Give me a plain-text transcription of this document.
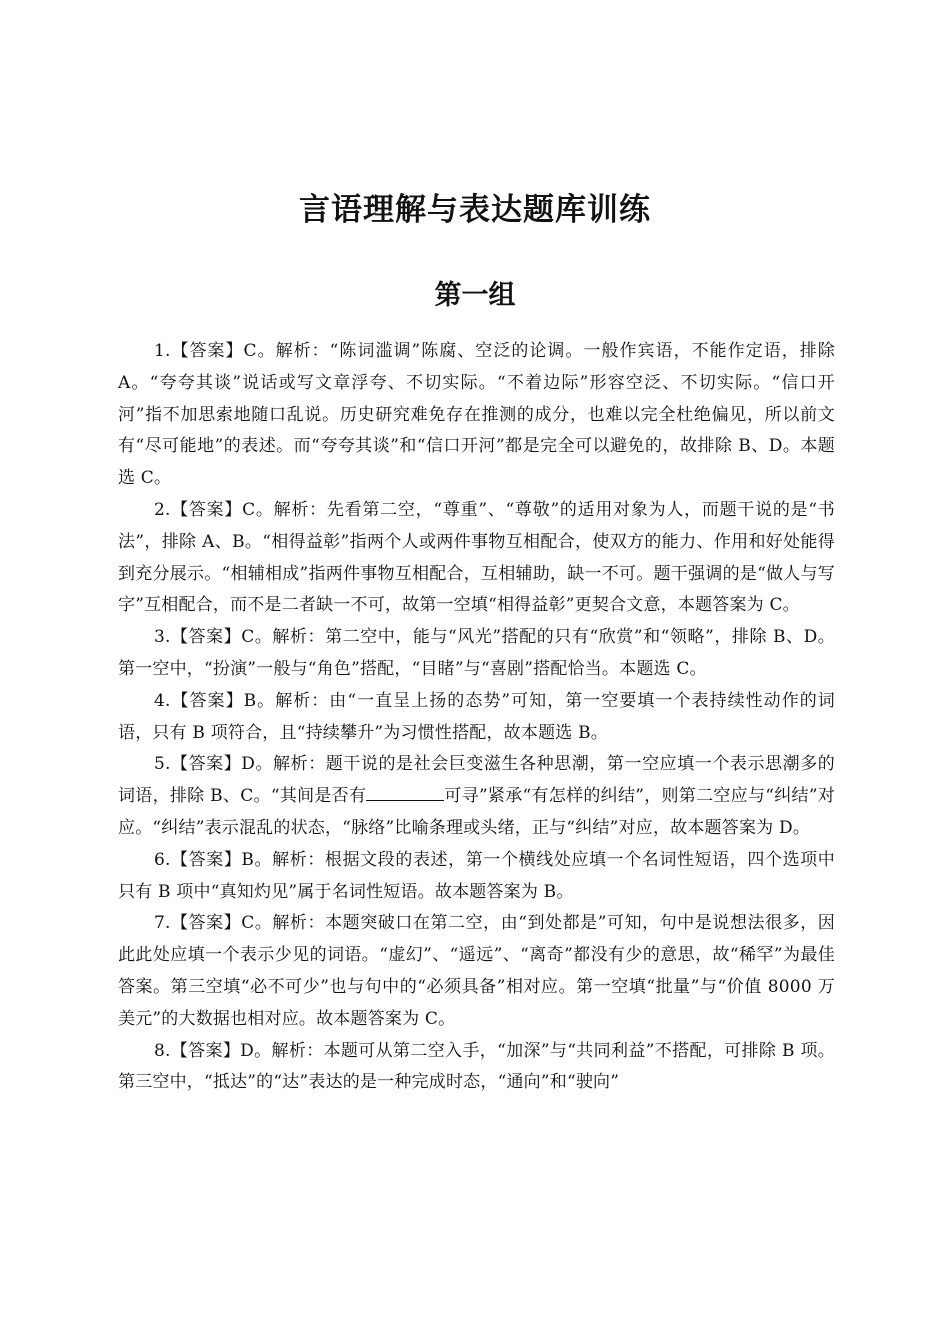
言语理解与表达题库训练
第一组

1.【答案】C。解析：“陈词滥调”陈腐、空泛的论调。一般作宾语，不能作定语，排除 A。“夸夸其谈”说话或写文章浮夸、不切实际。“不着边际”形容空泛、不切实际。“信口开河”指不加思索地随口乱说。历史研究难免存在推测的成分，也难以完全杜绝偏见，所以前文有“尽可能地”的表述。而“夸夸其谈”和“信口开河”都是完全可以避免的，故排除 B、D。本题选 C。

2.【答案】C。解析：先看第二空，“尊重”、“尊敬”的适用对象为人，而题干说的是“书法”，排除 A、B。“相得益彰”指两个人或两件事物互相配合，使双方的能力、作用和好处能得到充分展示。“相辅相成”指两件事物互相配合，互相辅助，缺一不可。题干强调的是“做人与写字”互相配合，而不是二者缺一不可，故第一空填“相得益彰”更契合文意，本题答案为 C。

3.【答案】C。解析：第二空中，能与“风光”搭配的只有“欣赏”和“领略”，排除 B、D。第一空中，“扮演”一般与“角色”搭配，“目睹”与“喜剧”搭配恰当。本题选 C。

4.【答案】B。解析：由“一直呈上扬的态势”可知，第一空要填一个表持续性动作的词语，只有 B 项符合，且“持续攀升”为习惯性搭配，故本题选 B。

5.【答案】D。解析：题干说的是社会巨变滋生各种思潮，第一空应填一个表示思潮多的词语，排除 B、C。“其间是否有	可寻”紧承“有怎样的纠结”，则第二空应与“纠结”对应。“纠结”表示混乱的状态，“脉络”比喻条理或头绪，正与“纠结”对应，故本题答案为 D。

6.【答案】B。解析：根据文段的表述，第一个横线处应填一个名词性短语，四个选项中只有 B 项中“真知灼见”属于名词性短语。故本题答案为 B。

7.【答案】C。解析：本题突破口在第二空，由“到处都是”可知，句中是说想法很多，因此此处应填一个表示少见的词语。“虚幻”、“遥远”、“离奇”都没有少的意思，故“稀罕”为最佳答案。第三空填“必不可少”也与句中的“必须具备”相对应。第一空填“批量”与“价值 8000 万美元”的大数据也相对应。故本题答案为 C。

8.【答案】D。解析：本题可从第二空入手，“加深”与“共同利益”不搭配，可排除 B 项。第三空中，“抵达”的“达”表达的是一种完成时态，“通向”和“驶向”
